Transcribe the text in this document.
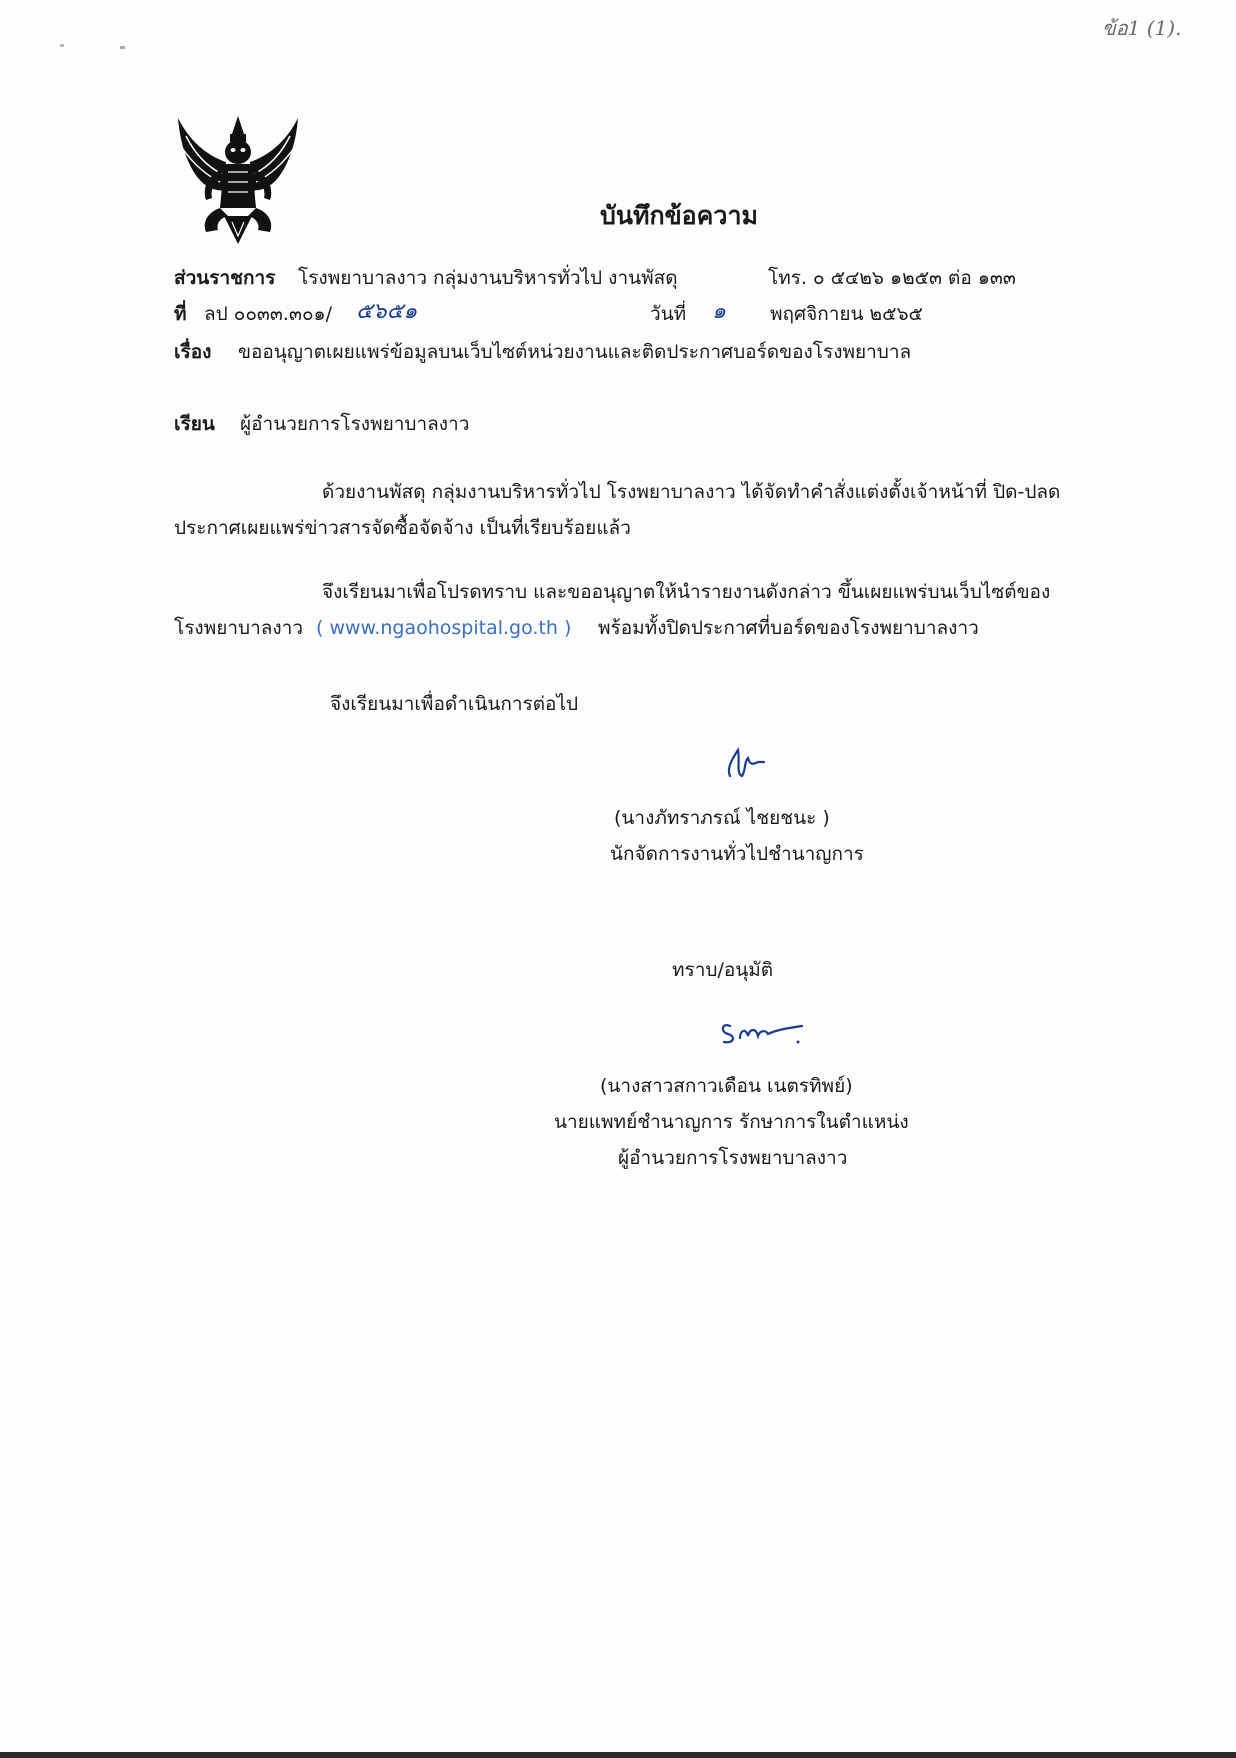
ข้อ1 (1).
บันทึกข้อความ
ส่วนราชการ โรงพยาบาลงาว กลุ่มงานบริหารทั่วไป งานพัสดุ	โทร. ๐ ๕๔๒๖ ๑๒๕๓ ต่อ ๑๓๓
ที่ ลป ๐๐๓๓.๓๐๑/ ๕๖๕๑	วันที่ ๑ พฤศจิกายน ๒๕๖๕
เรื่อง ขออนุญาตเผยแพร่ข้อมูลบนเว็บไซต์หน่วยงานและติดประกาศบอร์ดของโรงพยาบาล
เรียน ผู้อำนวยการโรงพยาบาลงาว
ด้วยงานพัสดุ กลุ่มงานบริหารทั่วไป โรงพยาบาลงาว ได้จัดทำคำสั่งแต่งตั้งเจ้าหน้าที่ ปิด-ปลด
ประกาศเผยแพร่ข่าวสารจัดซื้อจัดจ้าง เป็นที่เรียบร้อยแล้ว
จึงเรียนมาเพื่อโปรดทราบ และขออนุญาตให้นำรายงานดังกล่าว ขึ้นเผยแพร่บนเว็บไซต์ของ
โรงพยาบาลงาว ( www.ngaohospital.go.th ) พร้อมทั้งปิดประกาศที่บอร์ดของโรงพยาบาลงาว
จึงเรียนมาเพื่อดำเนินการต่อไป
(นางภัทราภรณ์ ไชยชนะ )
นักจัดการงานทั่วไปชำนาญการ
ทราบ/อนุมัติ
(นางสาวสกาวเดือน เนตรทิพย์)
นายแพทย์ชำนาญการ รักษาการในตำแหน่ง
ผู้อำนวยการโรงพยาบาลงาว
